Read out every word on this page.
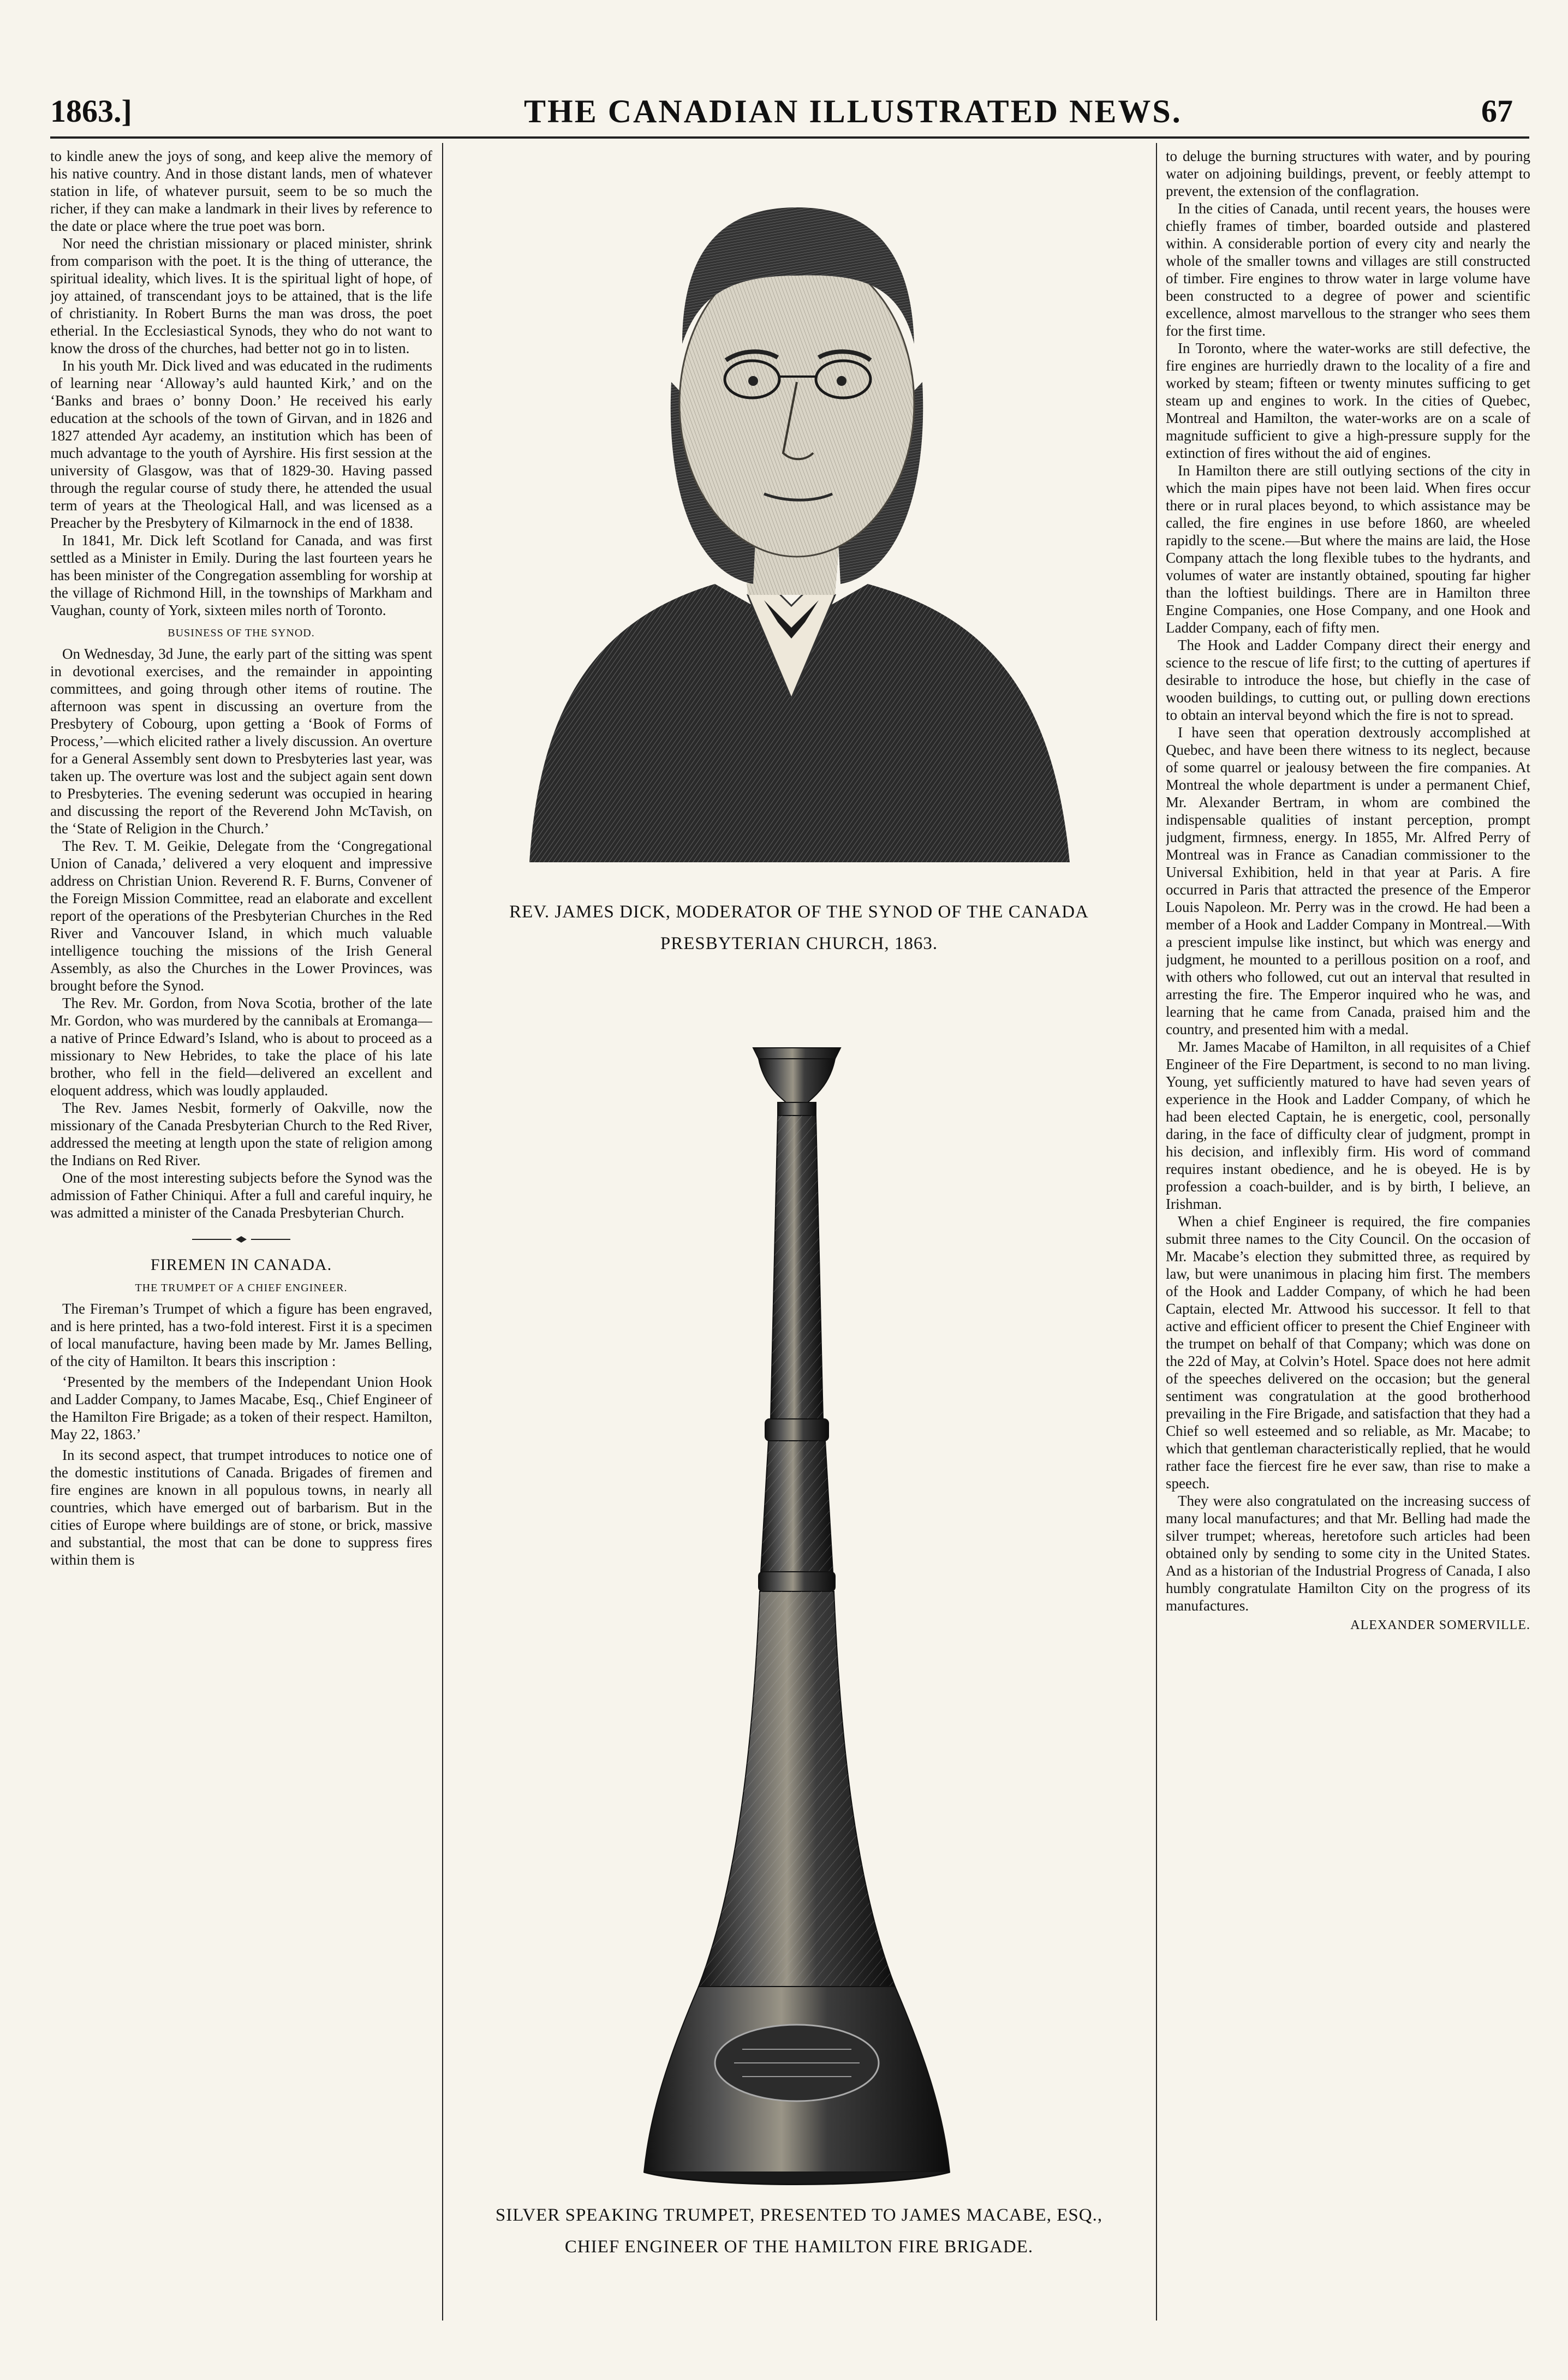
1863.]	THE CANADIAN ILLUSTRATED NEWS.	67

to kindle anew the joys of song, and keep alive the memory of his native country. And in those distant lands, men of whatever station in life, of whatever pursuit, seem to be so much the richer, if they can make a landmark in their lives by reference to the date or place where the true poet was born.

Nor need the christian missionary or placed minister, shrink from comparison with the poet. It is the thing of utterance, the spiritual ideality, which lives. It is the spiritual light of hope, of joy attained, of transcendant joys to be attained, that is the life of christianity. In Robert Burns the man was dross, the poet etherial. In the Ecclesiastical Synods, they who do not want to know the dross of the churches, had better not go in to listen.

In his youth Mr. Dick lived and was educated in the rudiments of learning near ‘Alloway’s auld haunted Kirk,’ and on the ‘Banks and braes o’ bonny Doon.’ He received his early education at the schools of the town of Girvan, and in 1826 and 1827 attended Ayr academy, an institution which has been of much advantage to the youth of Ayrshire. His first session at the university of Glasgow, was that of 1829-30. Having passed through the regular course of study there, he attended the usual term of years at the Theological Hall, and was licensed as a Preacher by the Presbytery of Kilmarnock in the end of 1838.

In 1841, Mr. Dick left Scotland for Canada, and was first settled as a Minister in Emily. During the last fourteen years he has been minister of the Congregation assembling for worship at the village of Richmond Hill, in the townships of Markham and Vaughan, county of York, sixteen miles north of Toronto.

BUSINESS OF THE SYNOD.

On Wednesday, 3d June, the early part of the sitting was spent in devotional exercises, and the remainder in appointing committees, and going through other items of routine. The afternoon was spent in discussing an overture from the Presbytery of Cobourg, upon getting a ‘Book of Forms of Process,’—which elicited rather a lively discussion. An overture for a General Assembly sent down to Presbyteries last year, was taken up. The overture was lost and the subject again sent down to Presbyteries. The evening sederunt was occupied in hearing and discussing the report of the Reverend John McTavish, on the ‘State of Religion in the Church.’

The Rev. T. M. Geikie, Delegate from the ‘Congregational Union of Canada,’ delivered a very eloquent and impressive address on Christian Union. Reverend R. F. Burns, Convener of the Foreign Mission Committee, read an elaborate and excellent report of the operations of the Presbyterian Churches in the Red River and Vancouver Island, in which much valuable intelligence touching the missions of the Irish General Assembly, as also the Churches in the Lower Provinces, was brought before the Synod.

The Rev. Mr. Gordon, from Nova Scotia, brother of the late Mr. Gordon, who was murdered by the cannibals at Eromanga—a native of Prince Edward’s Island, who is about to proceed as a missionary to New Hebrides, to take the place of his late brother, who fell in the field—delivered an excellent and eloquent address, which was loudly applauded.

The Rev. James Nesbit, formerly of Oakville, now the missionary of the Canada Presbyterian Church to the Red River, addressed the meeting at length upon the state of religion among the Indians on Red River.

One of the most interesting subjects before the Synod was the admission of Father Chiniqui. After a full and careful inquiry, he was admitted a minister of the Canada Presbyterian Church.

FIREMEN IN CANADA.
THE TRUMPET OF A CHIEF ENGINEER.

The Fireman’s Trumpet of which a figure has been engraved, and is here printed, has a two-fold interest. First it is a specimen of local manufacture, having been made by Mr. James Belling, of the city of Hamilton. It bears this inscription :

‘Presented by the members of the Independant Union Hook and Ladder Company, to James Macabe, Esq., Chief Engineer of the Hamilton Fire Brigade; as a token of their respect. Hamilton, May 22, 1863.’

In its second aspect, that trumpet introduces to notice one of the domestic institutions of Canada. Brigades of firemen and fire engines are known in all populous towns, in nearly all countries, which have emerged out of barbarism. But in the cities of Europe where buildings are of stone, or brick, massive and substantial, the most that can be done to suppress fires within them is

REV. JAMES DICK, MODERATOR OF THE SYNOD OF THE CANADA
PRESBYTERIAN CHURCH, 1863.
SILVER SPEAKING TRUMPET, PRESENTED TO JAMES MACABE, ESQ.,
CHIEF ENGINEER OF THE HAMILTON FIRE BRIGADE.

to deluge the burning structures with water, and by pouring water on adjoining buildings, prevent, or feebly attempt to prevent, the extension of the conflagration.

In the cities of Canada, until recent years, the houses were chiefly frames of timber, boarded outside and plastered within. A considerable portion of every city and nearly the whole of the smaller towns and villages are still constructed of timber. Fire engines to throw water in large volume have been constructed to a degree of power and scientific excellence, almost marvellous to the stranger who sees them for the first time.

In Toronto, where the water-works are still defective, the fire engines are hurriedly drawn to the locality of a fire and worked by steam; fifteen or twenty minutes sufficing to get steam up and engines to work. In the cities of Quebec, Montreal and Hamilton, the water-works are on a scale of magnitude sufficient to give a high-pressure supply for the extinction of fires without the aid of engines.

In Hamilton there are still outlying sections of the city in which the main pipes have not been laid. When fires occur there or in rural places beyond, to which assistance may be called, the fire engines in use before 1860, are wheeled rapidly to the scene.—But where the mains are laid, the Hose Company attach the long flexible tubes to the hydrants, and volumes of water are instantly obtained, spouting far higher than the loftiest buildings. There are in Hamilton three Engine Companies, one Hose Company, and one Hook and Ladder Company, each of fifty men.

The Hook and Ladder Company direct their energy and science to the rescue of life first; to the cutting of apertures if desirable to introduce the hose, but chiefly in the case of wooden buildings, to cutting out, or pulling down erections to obtain an interval beyond which the fire is not to spread.

I have seen that operation dextrously accomplished at Quebec, and have been there witness to its neglect, because of some quarrel or jealousy between the fire companies. At Montreal the whole department is under a permanent Chief, Mr. Alexander Bertram, in whom are combined the indispensable qualities of instant perception, prompt judgment, firmness, energy. In 1855, Mr. Alfred Perry of Montreal was in France as Canadian commissioner to the Universal Exhibition, held in that year at Paris. A fire occurred in Paris that attracted the presence of the Emperor Louis Napoleon. Mr. Perry was in the crowd. He had been a member of a Hook and Ladder Company in Montreal.—With a prescient impulse like instinct, but which was energy and judgment, he mounted to a perillous position on a roof, and with others who followed, cut out an interval that resulted in arresting the fire. The Emperor inquired who he was, and learning that he came from Canada, praised him and the country, and presented him with a medal.

Mr. James Macabe of Hamilton, in all requisites of a Chief Engineer of the Fire Department, is second to no man living. Young, yet sufficiently matured to have had seven years of experience in the Hook and Ladder Company, of which he had been elected Captain, he is energetic, cool, personally daring, in the face of difficulty clear of judgment, prompt in his decision, and inflexibly firm. His word of command requires instant obedience, and he is obeyed. He is by profession a coach-builder, and is by birth, I believe, an Irishman.

When a chief Engineer is required, the fire companies submit three names to the City Council. On the occasion of Mr. Macabe’s election they submitted three, as required by law, but were unanimous in placing him first. The members of the Hook and Ladder Company, of which he had been Captain, elected Mr. Attwood his successor. It fell to that active and efficient officer to present the Chief Engineer with the trumpet on behalf of that Company; which was done on the 22d of May, at Colvin’s Hotel. Space does not here admit of the speeches delivered on the occasion; but the general sentiment was congratulation at the good brotherhood prevailing in the Fire Brigade, and satisfaction that they had a Chief so well esteemed and so reliable, as Mr. Macabe; to which that gentleman characteristically replied, that he would rather face the fiercest fire he ever saw, than rise to make a speech.

They were also congratulated on the increasing success of many local manufactures; and that Mr. Belling had made the silver trumpet; whereas, heretofore such articles had been obtained only by sending to some city in the United States. And as a historian of the Industrial Progress of Canada, I also humbly congratulate Hamilton City on the progress of its manufactures.

ALEXANDER SOMERVILLE.
